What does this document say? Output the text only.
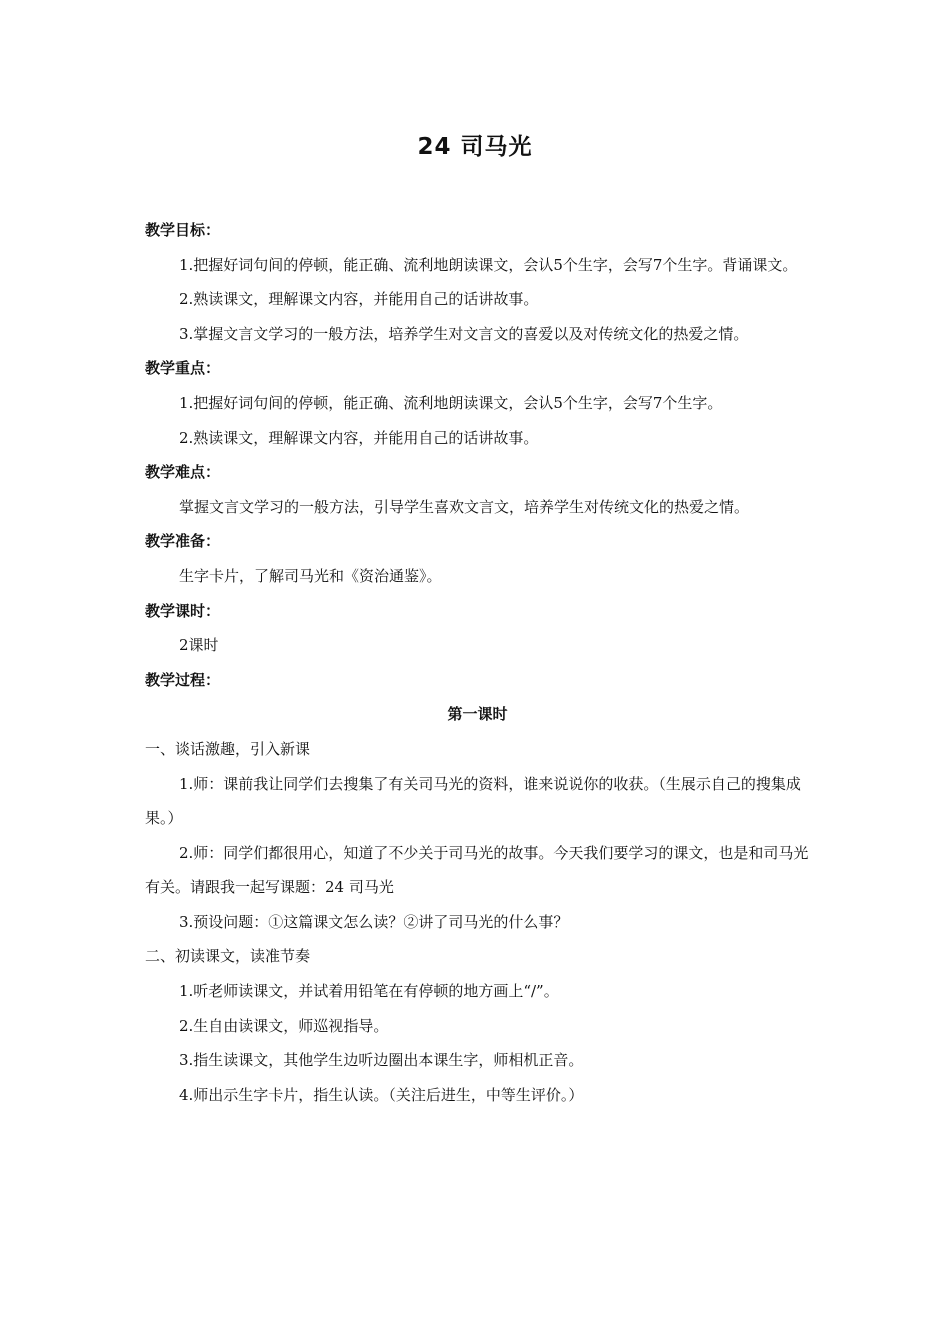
24 司马光

教学目标：

1.把握好词句间的停顿，能正确、流利地朗读课文，会认5个生字，会写7个生字。背诵课文。

2.熟读课文，理解课文内容，并能用自己的话讲故事。

3.掌握文言文学习的一般方法，培养学生对文言文的喜爱以及对传统文化的热爱之情。

教学重点：

1.把握好词句间的停顿，能正确、流利地朗读课文，会认5个生字，会写7个生字。

2.熟读课文，理解课文内容，并能用自己的话讲故事。

教学难点：

掌握文言文学习的一般方法，引导学生喜欢文言文，培养学生对传统文化的热爱之情。

教学准备：

生字卡片，了解司马光和《资治通鉴》。

教学课时：

2课时

教学过程：

第一课时

一、谈话激趣，引入新课

1.师：课前我让同学们去搜集了有关司马光的资料，谁来说说你的收获。（生展示自己的搜集成果。）

2.师：同学们都很用心，知道了不少关于司马光的故事。今天我们要学习的课文，也是和司马光有关。请跟我一起写课题：24 司马光

3.预设问题：①这篇课文怎么读？②讲了司马光的什么事？

二、初读课文，读准节奏

1.听老师读课文，并试着用铅笔在有停顿的地方画上“/”。

2.生自由读课文，师巡视指导。

3.指生读课文，其他学生边听边圈出本课生字，师相机正音。

4.师出示生字卡片，指生认读。（关注后进生，中等生评价。）
